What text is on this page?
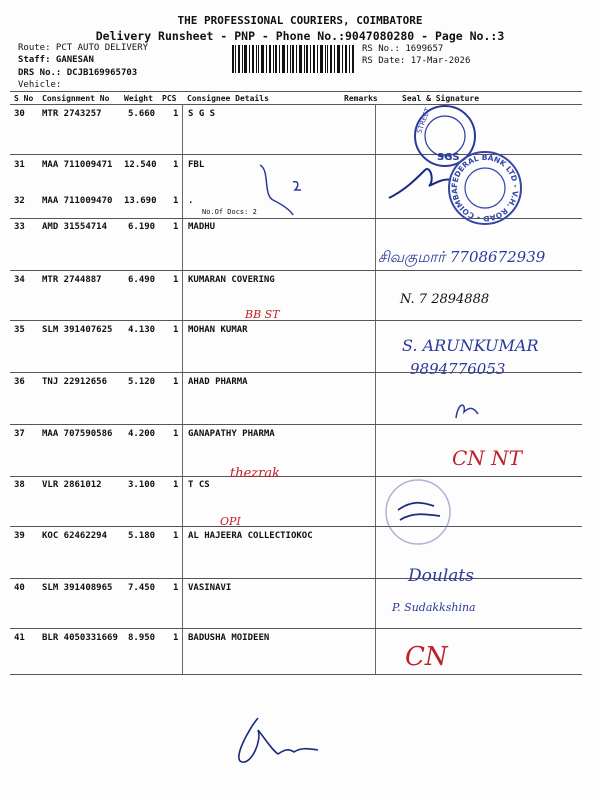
THE PROFESSIONAL COURIERS, COIMBATORE
Delivery Runsheet - PNP - Phone No.:9047080280 - Page No.:3
Route: PCT AUTO DELIVERY
Staff: GANESAN
DRS No.: DCJB169965703
Vehicle:
RS No.: 1699657
RS Date: 17-Mar-2026
S No Consignment No Weight PCS Consignee Details	Remarks	Seal & Signature
30 MTR 2743257	5.660 1 S G S
31 MAA 711009471 12.540 1 FBL
32 MAA 711009470 13.690 1 .
No.Of Docs: 2
33 AMD 31554714 6.190 1 MADHU
34 MTR 2744887	6.490 1 KUMARAN COVERING
35 SLM 391407625 4.130 1 MOHAN KUMAR
36 TNJ 22912656 5.120 1 AHAD PHARMA
37 MAA 707590586 4.200 1 GANAPATHY PHARMA
38 VLR 2861012	3.100 1 T CS
39 KOC 62462294 5.180 1 AL HAJEERA COLLECTIOKOC
40 SLM 391408965 7.450 1 VASINAVI
41 BLR 4050331669 8.950 1 BADUSHA MOIDEEN
STREET
SGS
FEDERAL BANK LTD - V.H. ROAD - COIMBA
சிவகுமார் 7708672939
N. 7 2894888
BB ST
S. ARUNKUMAR
9894776053
CN NT
thezrak
OPI
Doulats
P. Sudakkshina
CN
